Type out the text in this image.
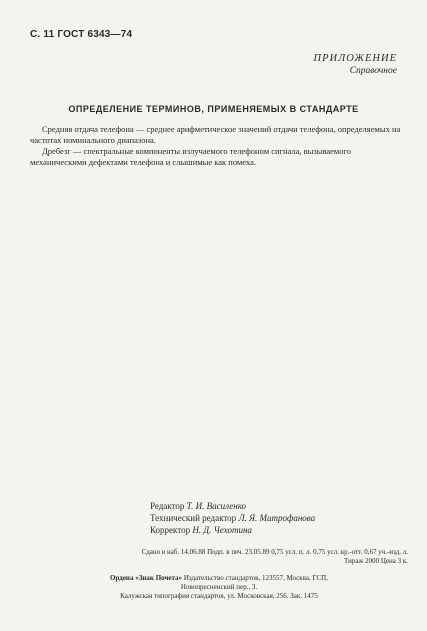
С. 11 ГОСТ 6343—74
ПРИЛОЖЕНИЕ
Справочное
ОПРЕДЕЛЕНИЕ ТЕРМИНОВ, ПРИМЕНЯЕМЫХ В СТАНДАРТЕ

Средняя отдача телефона — среднее арифметическое значений отдачи телефона, определяемых на частотах номинального диапазона.

Дребезг — спектральные компоненты излучаемого телефоном сигнала, вызываемого механическими дефектами телефона и слышимые как помеха.

Редактор Т. И. Василенко
Технический редактор Л. Я. Митрофанова
Корректор Н. Д. Чехотина
Сдано в наб. 14.06.88 Подп. в печ. 23.05.89 0,75 усл. п. л. 0,75 усл. кр.-отт. 0,67 уч.-изд. л.
Тираж 2000 Цена 3 к.
Ордена «Знак Почета» Издательство стандартов, 123557, Москва, ГСП,
Новопресненский пер., 3.
Калужская типография стандартов, ул. Московская, 256. Зак. 1475
